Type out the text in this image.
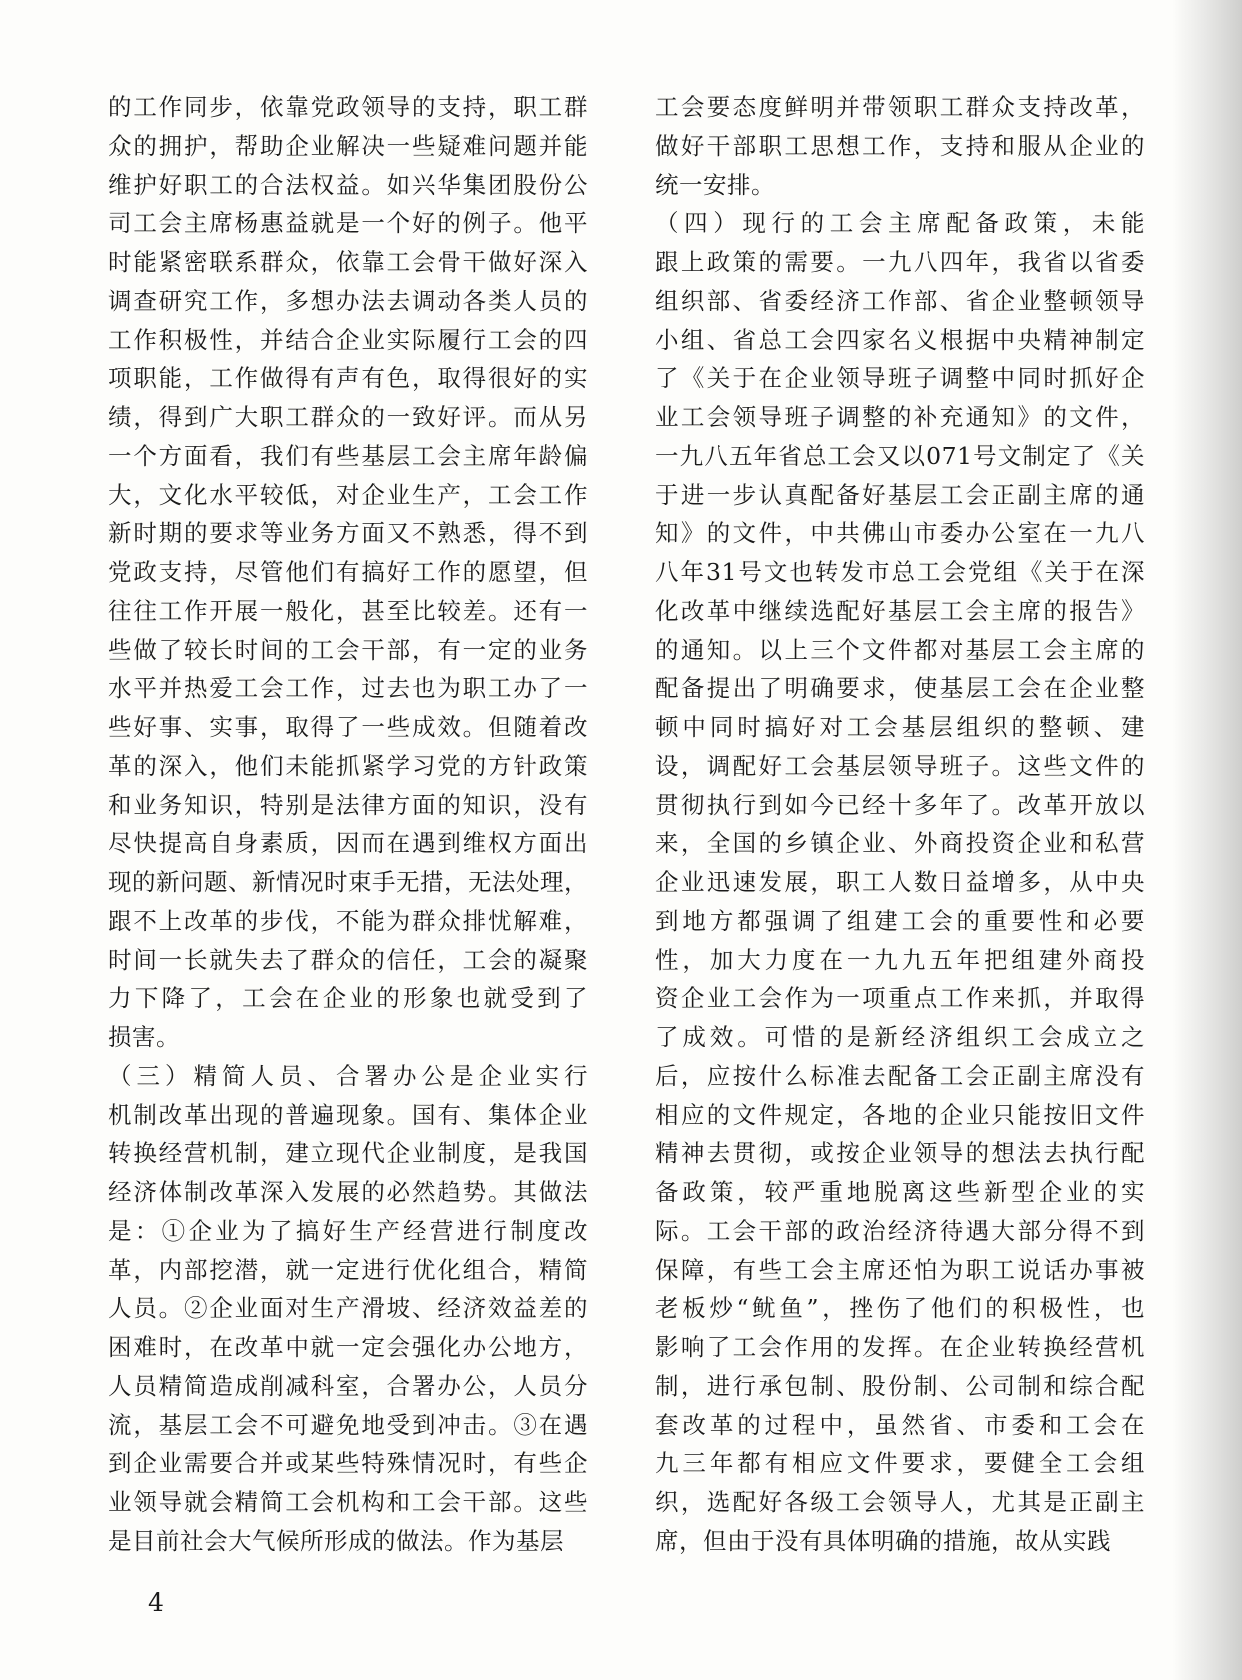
的工作同步，依靠党政领导的支持，职工群
众的拥护，帮助企业解决一些疑难问题并能
维护好职工的合法权益。如兴华集团股份公
司工会主席杨惠益就是一个好的例子。他平
时能紧密联系群众，依靠工会骨干做好深入
调查研究工作，多想办法去调动各类人员的
工作积极性，并结合企业实际履行工会的四
项职能，工作做得有声有色，取得很好的实
绩，得到广大职工群众的一致好评。而从另
一个方面看，我们有些基层工会主席年龄偏
大，文化水平较低，对企业生产，工会工作
新时期的要求等业务方面又不熟悉，得不到
党政支持，尽管他们有搞好工作的愿望，但
往往工作开展一般化，甚至比较差。还有一
些做了较长时间的工会干部，有一定的业务
水平并热爱工会工作，过去也为职工办了一
些好事、实事，取得了一些成效。但随着改
革的深入，他们未能抓紧学习党的方针政策
和业务知识，特别是法律方面的知识，没有
尽快提高自身素质，因而在遇到维权方面出
现的新问题、新情况时束手无措，无法处理，
跟不上改革的步伐，不能为群众排忧解难，
时间一长就失去了群众的信任，工会的凝聚
力下降了，工会在企业的形象也就受到了
损害。
（三）精简人员、合署办公是企业实行
机制改革出现的普遍现象。国有、集体企业
转换经营机制，建立现代企业制度，是我国
经济体制改革深入发展的必然趋势。其做法
是：①企业为了搞好生产经营进行制度改
革，内部挖潜，就一定进行优化组合，精简
人员。②企业面对生产滑坡、经济效益差的
困难时，在改革中就一定会强化办公地方，
人员精简造成削减科室，合署办公，人员分
流，基层工会不可避免地受到冲击。③在遇
到企业需要合并或某些特殊情况时，有些企
业领导就会精简工会机构和工会干部。这些
是目前社会大气候所形成的做法。作为基层
工会要态度鲜明并带领职工群众支持改革，
做好干部职工思想工作，支持和服从企业的
统一安排。
（四）现行的工会主席配备政策，未能
跟上政策的需要。一九八四年，我省以省委
组织部、省委经济工作部、省企业整顿领导
小组、省总工会四家名义根据中央精神制定
了《关于在企业领导班子调整中同时抓好企
业工会领导班子调整的补充通知》的文件，
一九八五年省总工会又以071号文制定了《关
于进一步认真配备好基层工会正副主席的通
知》的文件，中共佛山市委办公室在一九八
八年31号文也转发市总工会党组《关于在深
化改革中继续选配好基层工会主席的报告》
的通知。以上三个文件都对基层工会主席的
配备提出了明确要求，使基层工会在企业整
顿中同时搞好对工会基层组织的整顿、建
设，调配好工会基层领导班子。这些文件的
贯彻执行到如今已经十多年了。改革开放以
来，全国的乡镇企业、外商投资企业和私营
企业迅速发展，职工人数日益增多，从中央
到地方都强调了组建工会的重要性和必要
性，加大力度在一九九五年把组建外商投
资企业工会作为一项重点工作来抓，并取得
了成效。可惜的是新经济组织工会成立之
后，应按什么标准去配备工会正副主席没有
相应的文件规定，各地的企业只能按旧文件
精神去贯彻，或按企业领导的想法去执行配
备政策，较严重地脱离这些新型企业的实
际。工会干部的政治经济待遇大部分得不到
保障，有些工会主席还怕为职工说话办事被
老板炒“鱿鱼”，挫伤了他们的积极性，也
影响了工会作用的发挥。在企业转换经营机
制，进行承包制、股份制、公司制和综合配
套改革的过程中，虽然省、市委和工会在
九三年都有相应文件要求，要健全工会组
织，选配好各级工会领导人，尤其是正副主
席，但由于没有具体明确的措施，故从实践
4
